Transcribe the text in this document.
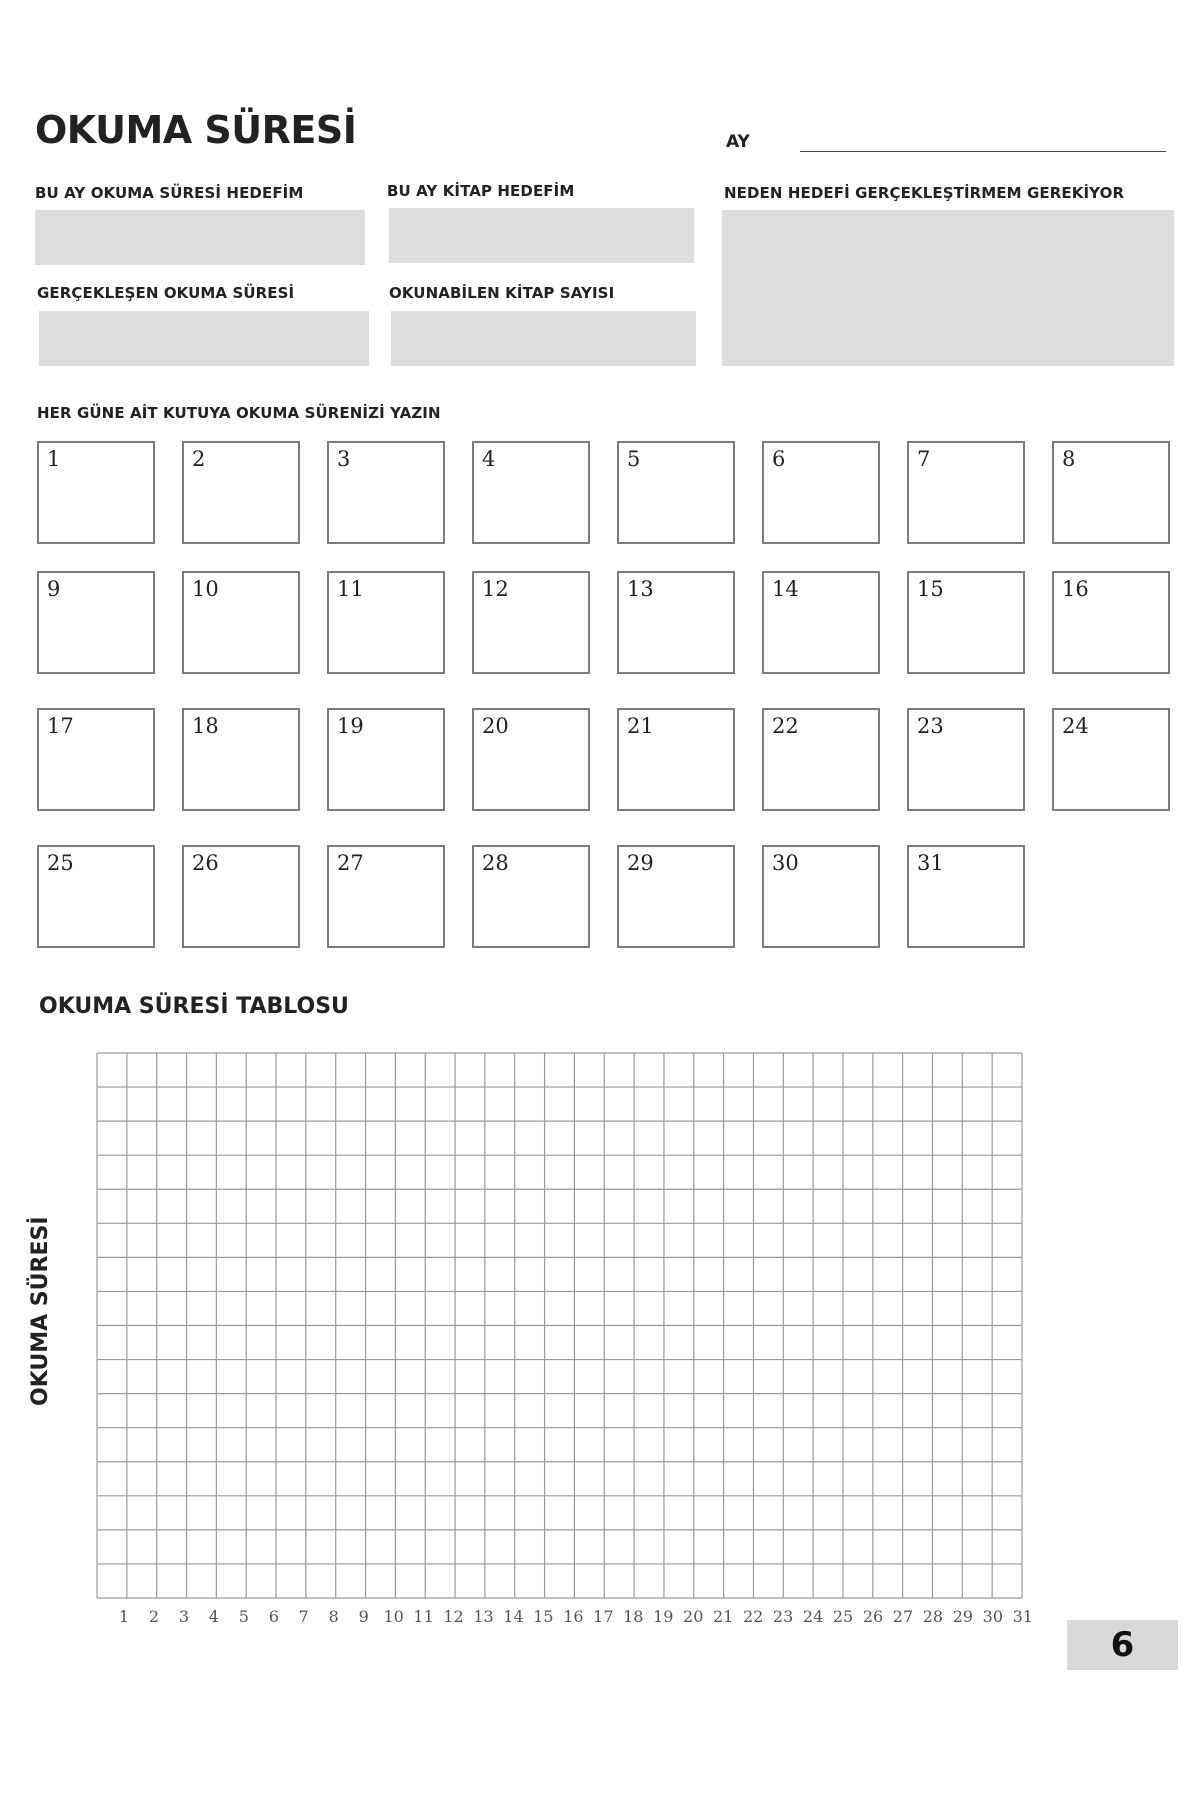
OKUMA SÜRESİ	AY
BU AY OKUMA SÜRESİ HEDEFİM	BU AY KİTAP HEDEFİM	NEDEN HEDEFİ GERÇEKLEŞTİRMEM GEREKİYOR
GERÇEKLEŞEN OKUMA SÜRESİ	OKUNABİLEN KİTAP SAYISI
HER GÜNE AİT KUTUYA OKUMA SÜRENİZİ YAZIN
1	2	3	4	5	6	7	8
9	10	11	12	13	14	15	16
17	18	19	20	21	22	23	24
25	26	27	28	29	30	31
OKUMA SÜRESİ TABLOSU
OKUMA SÜRESİ
1	2	3	4	5	6	7	8	9 10 11 12 13 14 15 16 17 18 19 20 21 22 23 24 25 26 27 28 29 30 31
6
